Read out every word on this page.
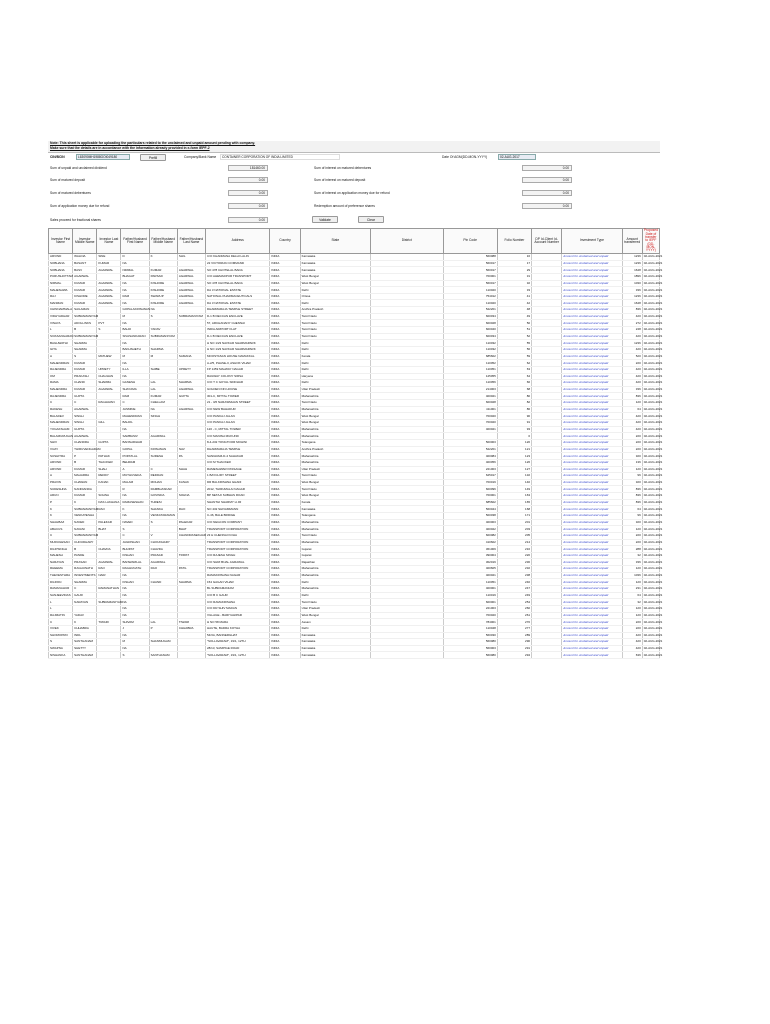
Note: This sheet is applicable for uploading the particulars related to the unclaimed and unpaid amount pending with company.
Make sure that the details are in accordance with the information already provided in e-form IEPF-2
CIN/BCIN	L63090MH1988GOI049180	Prefill	Company/Bank Name	CONTAINER CORPORATION OF INDIA LIMITED	Date Of AGM(DD-MON-YYYY)	02-AUG-2017
Sum of unpaid and unclaimed dividend	181460.00	Sum of interest on matured debentures	0.00
Sum of matured deposit	0.00	Sum of interest on matured deposit	0.00
Sum of matured debentures	0.00	Sum of interest on application money due for refund	0.00
Sum of application money due for refund	0.00	Redemption amount of preference shares	0.00
Sales proceed for fractional shares	0.00	Validate	Clear
Investor First Name	Investor Middle Name	Investor Last Name	Father/Husband First Name	Father/Husband Middle Name	Father/Husband Last Name	Address	Country	State	District	Pin Code	Folio Number	DP Id-Client Id-Account Number	Investment Type	Amount transferred	Proposed Date of transfer to IEPF (DD-MON-YYYY)
ARVIND	WALDIA	SINE	D	K	SHIL	C/O KHADMANA DELHI LALIN	INDIA	Karnataka		560088	16		Amount for unclaimed and unpaid	1236	02-AUG-2021
SOBHANA	BASANT	KUMAR	NA			22 VICTORIAN COMMAND	INDIA	Karnataka		560017	17		Amount for unclaimed and unpaid	1236	02-AUG-2021
SOBHANA	BASV	AGARWAL	NIRMAL	KUMAR	AGARWAL	SO 478 CHOTELAL BADA	INDIA	Karnataka		560017	29		Amount for unclaimed and unpaid	1648	02-AUG-2021
PURUSHOTTAM	AGARWAL		BHAGAT	PARSAD	AGARWAL	C/O AHEMADPUR TRANSPORT	INDIA	West Bengal		700001	31		Amount for unclaimed and unpaid	1896	02-AUG-2021
NIRMAL	KUMAR	AGARWAL	NA	KISHORE	AGARWAL	SO 478 CHOTELAL BADA	INDIA	West Bengal		560017	32		Amount for unclaimed and unpaid	1030	02-AUG-2021
MAHESHWA	KUMAR	AGARWAL	NA	KISHORE	AGARWAL	DA 3 NATIONAL ESTATE	INDIA	Delhi		110020	33		Amount for unclaimed and unpaid	336	02-AUG-2021
RAJ	KISHORE	AGARWAL	RAM	SWARUP	AGARWAL	NATIONAL PHARMACEUTICALS	INDIA	Orissa		754012	41		Amount for unclaimed and unpaid	1236	02-AUG-2021
MANMAN	KUMAR	AGARWAL	NA	KISHORE	AGARWAL	DA 3 NATIONAL ESTATE	INDIA	Delhi		110020	42		Amount for unclaimed and unpaid	1648	02-AUG-2021
CHINNAMMALA	SAILAMAN		GOPALAKRISHNAN	NA		DHARMARAJA TEMPLE STREET	INDIA	Andhra Pradesh		522201	48		Amount for unclaimed and unpaid	836	02-AUG-2021
VIDHYADHAR	SUBRAMANIYAM		M	S	SUBRAMANIYAM	D-1 B DECCAN ENCLAVE	INDIA	Tamil Nadu		600034	49		Amount for unclaimed and unpaid	420	02-AUG-2021
VINAYA	ADOLLINKS	PVT	NA			57, ARCHANANY CHENNAI	INDIA	Tamil Nadu		600028	50		Amount for unclaimed and unpaid	272	02-AUG-2021
L	B	S	BALDI	YADAV		INDIA AIRPORT FLAT	INDIA	Tamil Nadu		600040	51		Amount for unclaimed and unpaid	248	02-AUG-2021
SIVASANGARAN	SUBRAMANIYAM		SIVASANKARAN	SUBRAMANIYAM		D-1 B DECCAN ENCLAVE	INDIA	Tamil Nadu		600034	52		Amount for unclaimed and unpaid	420	02-AUG-2021
BAGHWATHI	SHARMA		NA			H NO 1/23 NAVKAR SHARMAPARK	INDIA	Delhi		110032	55		Amount for unclaimed and unpaid	1236	02-AUG-2021
GITA	SHARMA		BAKHSHETH	SHARMA		H NO 1/23 NAVKAR SHARMAPARK	INDIA	Delhi		110032	56		Amount for unclaimed and unpaid	420	02-AUG-2021
A	S	MATHEW	M	M	SAMANA	MOOSTASAN HOUSE NAMAKKAL	INDIA	Kerala		685602	59		Amount for unclaimed and unpaid	520	02-AUG-2021
MAHENDRAN	KUMAR		NA			A-2/5, PHASE-II, ASHOK VIHAR	INDIA	Delhi		110052	62		Amount for unclaimed and unpaid	220	02-AUG-2021
RAJENDRA	KUMAR	UPRETY	ILLA	SHIBE	UPRETY	FP 1459 MALWAY NAGAR	INDIA	Delhi		110051	63		Amount for unclaimed and unpaid	420	02-AUG-2021
OM	PRAKASH	CHAUHAN	NA			RAILWAY COLONY SIRSA	INDIA	Haryana		125055	64		Amount for unclaimed and unpaid	420	02-AUG-2021
RAMA	CHAND	SHARMA	GANESH	LAL	SHARMA	C/O T C GOYAL SIDDHAR	INDIA	Delhi		110056	66		Amount for unclaimed and unpaid	420	02-AUG-2021
MAHENDRA	KUMAR	AGARWAL	SHAYAMA	LAL	AGARWAL	GOLDEN INN HOUSE	INDIA	Uttar Pradesh		214003	68		Amount for unclaimed and unpaid	336	02-AUG-2021
RAJENDRA	GUPTA		RAM	KUMAR	GUPTA	301-C, MITTAL TOWER	INDIA	Maharashtra		400021	80		Amount for unclaimed and unpaid	836	02-AUG-2021
C	C	RAGHAVAN	C	CHELLAM		21 - 3/6 NARASIMHAN STREET	INDIA	Tamil Nadu		600028	82		Amount for unclaimed and unpaid	120	02-AUG-2021
RAKESH	AGARWAL		JASMINE	NA	AGARWAL	C/O NEW BAHADUR	INDIA	Maharashtra		411001	86		Amount for unclaimed and unpaid	64	02-AUG-2021
BALADEV	SINGH		MAHENDRAN	SINGH		C/O PANKAJ JALAN	INDIA	West Bengal		700020	90		Amount for unclaimed and unpaid	420	02-AUG-2021
MAHENDRAN	SINGH	GILL	BALDIL			C/O PANKAJ JALAN	INDIA	West Bengal		700020	91		Amount for unclaimed and unpaid	420	02-AUG-2021
YOGAKSHAM	GUPTA		NA			120 - C, MITTAL TOWER	INDIA	Maharashtra		400021	93		Amount for unclaimed and unpaid	420	02-AUG-2021
BALAMURUGAN	AGARWAL		SAMBASIV	AGARWAL		C/O MANISH MUKUND	INDIA	Maharashtra			0		Amount for unclaimed and unpaid	220	02-AUG-2021
SHIV	CHANDRA	GUPTA	BANSHIDHAR			8-4-232 TONGTOOR MOHINI	INDIA	Telangana		500003	120		Amount for unclaimed and unpaid	220	02-AUG-2021
VIJAY	THIRUVENGADAM		GOPAL	KRISHNAN	NAV	DHARMARAJA TEMPLE	INDIA	Andhra Pradesh		522201	121		Amount for unclaimed and unpaid	220	02-AUG-2021
SUSHITRA	P	PATHAK	POPATLAL	SURESH	PA	SANGRAM-D-4 SAHAKAR	INDIA	Maharashtra		400084	123		Amount for unclaimed and unpaid	320	02-AUG-2021
ARVIND	B	THACKER	BEHRAM			C/O M THACKER	INDIA	Maharashtra		400056	126		Amount for unclaimed and unpaid	136	02-AUG-2021
ARVIND	KUMAR	SHAH	A	C	SHAH	RAMESHWAR PASSAGE	INDIA	Uttar Pradesh		221003	127		Amount for unclaimed and unpaid	120	02-AUG-2021
A	MAHARRA	REDDY	MUTHUVEDA	REDDAN		1 BAYCLIRY STREET	INDIA	Tamil Nadu		625017	132		Amount for unclaimed and unpaid	96	02-AUG-2021
PRAVIN	CHAWAN	KANAK	MALAM	MOHAN	KANAK	DR BALKRISHNA GHADI	INDIA	West Bengal		700019	140		Amount for unclaimed and unpaid	320	02-AUG-2021
SUDESHNA	NANDIANDA		R	RAMBHASKAR		2012, THIRUMALAI NAGAR	INDIA	Tamil Nadu		600096	149		Amount for unclaimed and unpaid	836	02-AUG-2021
ARUN	KUMAR	SOHNA	NA	GOVINDA	SOHNA	BP NETAJI SUBHAS ROAD	INDIA	West Bengal		700001	163		Amount for unclaimed and unpaid	836	02-AUG-2021
P	K	DAS LAKHANA	RAMASESHAN	THRESI		SHANTHI SHARMY H JR	INDIA	Kerala		685602	165		Amount for unclaimed and unpaid	836	02-AUG-2021
K	SUBRAMANIYAM	RAO	K	SHANKA	RAO	NO 432 SHIVAMMANN	INDIA	Karnataka		560044	168		Amount for unclaimed and unpaid	64	02-AUG-2021
K	VENKATESHA		NA	VENKATARAMAN		C-46, BALE BRIDGE	INDIA	Telangana		500038	171		Amount for unclaimed and unpaid	96	02-AUG-2021
SHAHBAZ	NAVED	PALEKAR	NAVED	S	PALEKAR	C/O NEGCON COMPANY	INDIA	Maharashtra		400003	201		Amount for unclaimed and unpaid	320	02-AUG-2021
ABACUS	NAVANI	BHAT	S		BHAT	TRANSPORT CORPORATION	INDIA	Maharashtra		400022	203		Amount for unclaimed and unpaid	120	02-AUG-2021
C	SUBRAMANIYAM		C	V	CHANDRASEKHAR	23 H CHENNAI KOHA	INDIA	Tamil Nadu		600082	205		Amount for unclaimed and unpaid	220	02-AUG-2021
MURUGESAN	CHOUDHARY		JAGDISHAN	CHOUDHARY		TRANSPORT CORPORATION	INDIA	Maharashtra		410602	214		Amount for unclaimed and unpaid	220	02-AUG-2021
DILIPSINGH	B	CHAVDA	BHUPAT	CHAVDA		TRANSPORT CORPORATION	INDIA	Gujarat		361009	216		Amount for unclaimed and unpaid	288	02-AUG-2021
MAHESH	PANDE		KISHAN	PRASAD	TRIPAT	C/O RAJESH SINGH	INDIA	Gujarat		390004	220		Amount for unclaimed and unpaid	32	02-AUG-2021
NARAYAN	PRASAD	AGARWAL	BANWARILAL	AGARWAL		C/O SHRI BIJAL AGRAWAL	INDIA	Rajasthan		302019	230		Amount for unclaimed and unpaid	336	02-AUG-2021
RHEEMA	RAGHUNATH	RAO	RAGHUNATH	RAO	PATIL	TRANSPORT CORPORATION	INDIA	Maharashtra		400605	232		Amount for unclaimed and unpaid	120	02-AUG-2021
THEVESTHRA	INVESTMENTS	NAIR	NA			RAMAKRISHNA NAGAR	INDIA	Maharashtra		400021	238		Amount for unclaimed and unpaid	1036	02-AUG-2021
DILIPAN	SHARMA		KISHAN	CHAND	SHARMA	154 GAGAN VIHAR	INDIA	Delhi		110051	240		Amount for unclaimed and unpaid	120	02-AUG-2021
RAMANAHUR	C	RAMANATHAN	NA			BL SUBRAMANIAM	INDIA	Maharashtra		400001	247		Amount for unclaimed and unpaid	231	02-AUG-2021
SANJEEVIDAS	GAUR		NA			C/O B C GAUR	INDIA	Delhi		110019	249		Amount for unclaimed and unpaid	64	02-AUG-2021
L	NARAYAN	SUBRAMANIYAM	NA			C/O RAMAKRISHNA	INDIA	Tamil Nadu		600001	254		Amount for unclaimed and unpaid	32	02-AUG-2021
L			NA			C/O DR SHIV MADAN	INDIA	Uttar Pradesh		221003	260		Amount for unclaimed and unpaid	120	02-AUG-2021
RAJMATIN	YADAV		NA			VILLAGE - BARIYAHIPAR	INDIA	West Bengal		700020	261		Amount for unclaimed and unpaid	120	02-AUG-2021
C	K	TIWARI	SHIVAM	LAL	TIWARI	H NO 58 MARA	INDIA	Assam		784001	270		Amount for unclaimed and unpaid	220	02-AUG-2021
VIVEK	CHHABRA		J	P	CHHABRA	HAUTE, BADRA KOTHA	INDIA	Delhi		110048	277		Amount for unclaimed and unpaid	220	02-AUG-2021
SHOMOPRO	INDL		NA			54/3A, BANNERGHAT	INDIA	Karnataka		560030	289		Amount for unclaimed and unpaid	420	02-AUG-2021
S	SANTHANAM		M	SHANMUGAM		"SOLLAVARAM", 19/1, 12TH	INDIA	Karnataka		560080	290		Amount for unclaimed and unpaid	420	02-AUG-2021
SWAPNA	SHETTY		NA			28/13, SAMPIGE ROAD	INDIA	Karnataka		560003	291		Amount for unclaimed and unpaid	420	02-AUG-2021
NISHANKA	SANTHANAM		S	SANTHANAM		"SOLLAVARAM", 19/1, 12TH	INDIA	Karnataka		560080	294		Amount for unclaimed and unpaid	636	02-AUG-2021
